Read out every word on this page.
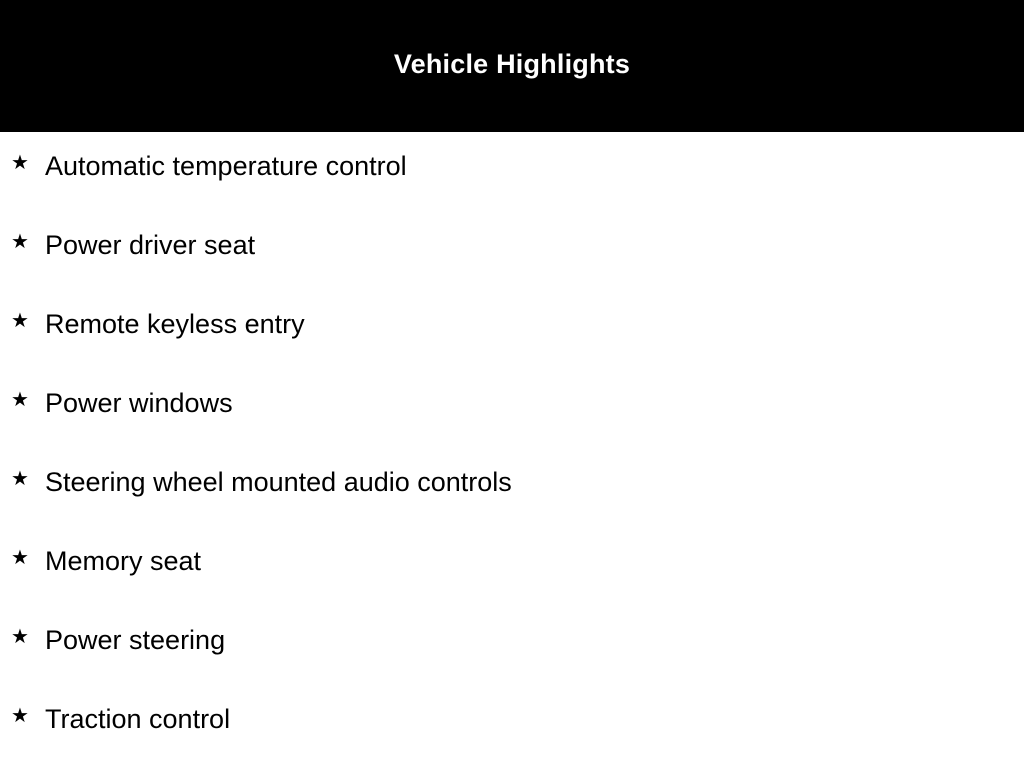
Vehicle Highlights
★ Automatic temperature control
★ Power driver seat
★ Remote keyless entry
★ Power windows
★ Steering wheel mounted audio controls
★ Memory seat
★ Power steering
★ Traction control
